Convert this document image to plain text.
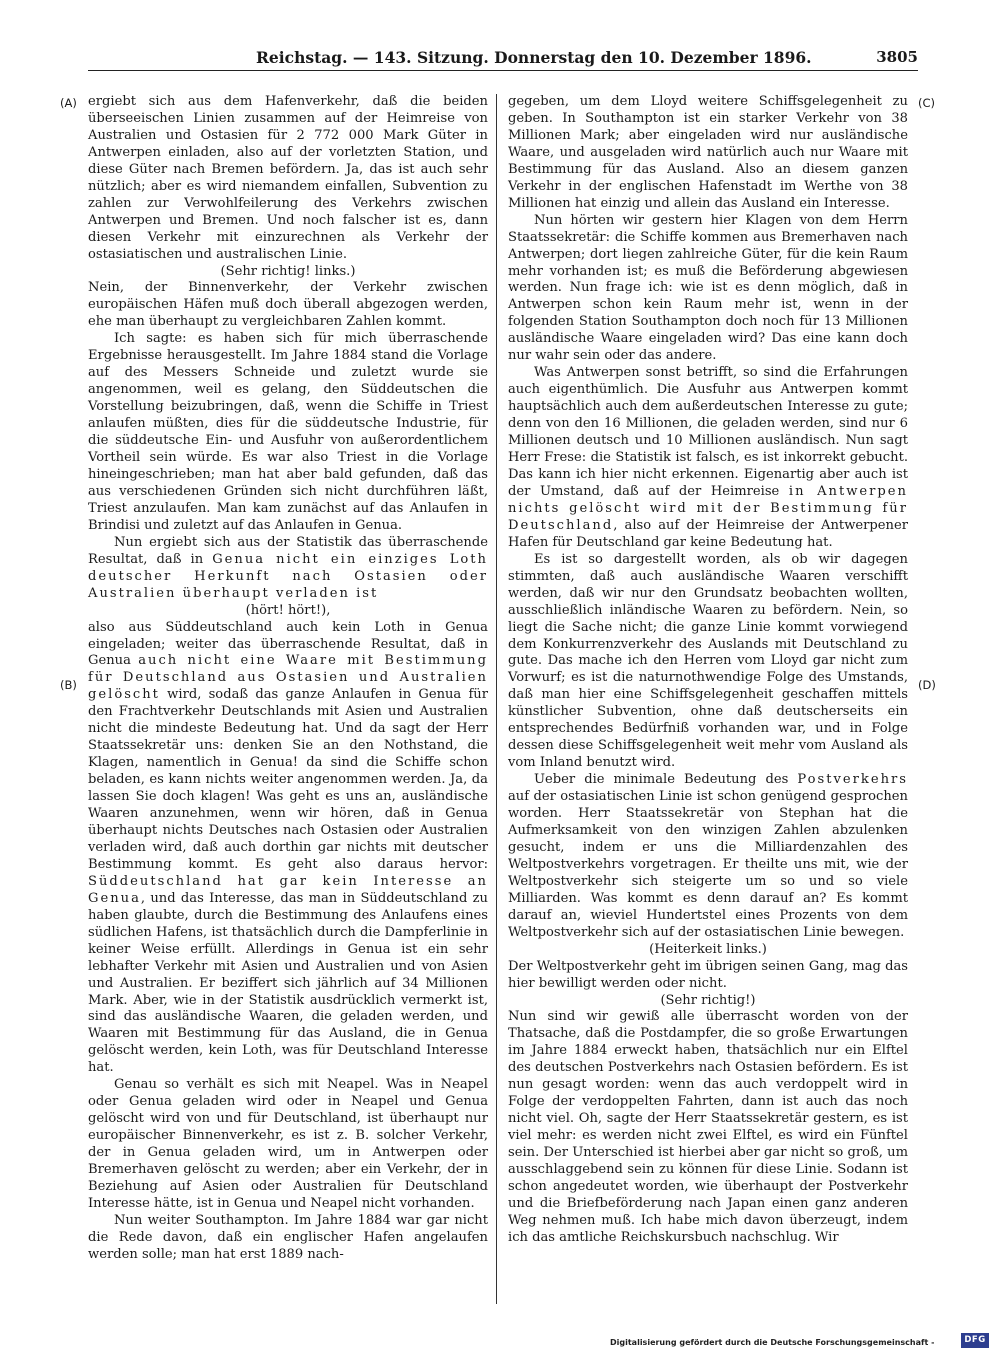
Reichstag. — 143. Sitzung. Donnerstag den 10. Dezember 1896.	3805
(A)
(B)
(C)
(D)

ergiebt sich aus dem Hafenverkehr, daß die beiden überseeischen Linien zusammen auf der Heimreise von Australien und Ostasien für 2 772 000 Mark Güter in Antwerpen einladen, also auf der vorletzten Station, und diese Güter nach Bremen befördern. Ja, das ist auch sehr nützlich; aber es wird niemandem einfallen, Subvention zu zahlen zur Verwohlfeilerung des Verkehrs zwischen Antwerpen und Bremen. Und noch falscher ist es, dann diesen Verkehr mit einzurechnen als Verkehr der ostasiatischen und australischen Linie.

(Sehr richtig! links.)

Nein, der Binnenverkehr, der Verkehr zwischen europäischen Häfen muß doch überall abgezogen werden, ehe man überhaupt zu vergleichbaren Zahlen kommt.

Ich sagte: es haben sich für mich überraschende Ergebnisse herausgestellt. Im Jahre 1884 stand die Vorlage auf des Messers Schneide und zuletzt wurde sie angenommen, weil es gelang, den Süddeutschen die Vorstellung beizubringen, daß, wenn die Schiffe in Triest anlaufen müßten, dies für die süddeutsche Industrie, für die süddeutsche Ein- und Ausfuhr von außerordentlichem Vortheil sein würde. Es war also Triest in die Vorlage hineingeschrieben; man hat aber bald gefunden, daß das aus verschiedenen Gründen sich nicht durchführen läßt, Triest anzulaufen. Man kam zunächst auf das Anlaufen in Brindisi und zuletzt auf das Anlaufen in Genua.

Nun ergiebt sich aus der Statistik das überraschende Resultat, daß in Genua nicht ein einziges Loth deutscher Herkunft nach Ostasien oder Australien überhaupt verladen ist

(hört! hört!),

also aus Süddeutschland auch kein Loth in Genua eingeladen; weiter das überraschende Resultat, daß in Genua auch nicht eine Waare mit Bestimmung für Deutschland aus Ostasien und Australien gelöscht wird, sodaß das ganze Anlaufen in Genua für den Frachtverkehr Deutschlands mit Asien und Australien nicht die mindeste Bedeutung hat. Und da sagt der Herr Staatssekretär uns: denken Sie an den Nothstand, die Klagen, namentlich in Genua! da sind die Schiffe schon beladen, es kann nichts weiter angenommen werden. Ja, da lassen Sie doch klagen! Was geht es uns an, ausländische Waaren anzunehmen, wenn wir hören, daß in Genua überhaupt nichts Deutsches nach Ostasien oder Australien verladen wird, daß auch dorthin gar nichts mit deutscher Bestimmung kommt. Es geht also daraus hervor: Süddeutschland hat gar kein Interesse an Genua, und das Interesse, das man in Süddeutschland zu haben glaubte, durch die Bestimmung des Anlaufens eines südlichen Hafens, ist thatsächlich durch die Dampferlinie in keiner Weise erfüllt. Allerdings in Genua ist ein sehr lebhafter Verkehr mit Asien und Australien und von Asien und Australien. Er beziffert sich jährlich auf 34 Millionen Mark. Aber, wie in der Statistik ausdrücklich vermerkt ist, sind das ausländische Waaren, die geladen werden, und Waaren mit Bestimmung für das Ausland, die in Genua gelöscht werden, kein Loth, was für Deutschland Interesse hat.

Genau so verhält es sich mit Neapel. Was in Neapel oder Genua geladen wird oder in Neapel und Genua gelöscht wird von und für Deutschland, ist überhaupt nur europäischer Binnenverkehr, es ist z. B. solcher Verkehr, der in Genua geladen wird, um in Antwerpen oder Bremerhaven gelöscht zu werden; aber ein Verkehr, der in Beziehung auf Asien oder Australien für Deutschland Interesse hätte, ist in Genua und Neapel nicht vorhanden.

Nun weiter Southampton. Im Jahre 1884 war gar nicht die Rede davon, daß ein englischer Hafen angelaufen werden solle; man hat erst 1889 nach-

gegeben, um dem Lloyd weitere Schiffsgelegenheit zu geben. In Southampton ist ein starker Verkehr von 38 Millionen Mark; aber eingeladen wird nur ausländische Waare, und ausgeladen wird natürlich auch nur Waare mit Bestimmung für das Ausland. Also an diesem ganzen Verkehr in der englischen Hafenstadt im Werthe von 38 Millionen hat einzig und allein das Ausland ein Interesse.

Nun hörten wir gestern hier Klagen von dem Herrn Staatssekretär: die Schiffe kommen aus Bremerhaven nach Antwerpen; dort liegen zahlreiche Güter, für die kein Raum mehr vorhanden ist; es muß die Beförderung abgewiesen werden. Nun frage ich: wie ist es denn möglich, daß in Antwerpen schon kein Raum mehr ist, wenn in der folgenden Station Southampton doch noch für 13 Millionen ausländische Waare eingeladen wird? Das eine kann doch nur wahr sein oder das andere.

Was Antwerpen sonst betrifft, so sind die Erfahrungen auch eigenthümlich. Die Ausfuhr aus Antwerpen kommt hauptsächlich auch dem außerdeutschen Interesse zu gute; denn von den 16 Millionen, die geladen werden, sind nur 6 Millionen deutsch und 10 Millionen ausländisch. Nun sagt Herr Frese: die Statistik ist falsch, es ist inkorrekt gebucht. Das kann ich hier nicht erkennen. Eigenartig aber auch ist der Umstand, daß auf der Heimreise in Antwerpen nichts gelöscht wird mit der Bestimmung für Deutschland, also auf der Heimreise der Antwerpener Hafen für Deutschland gar keine Bedeutung hat.

Es ist so dargestellt worden, als ob wir dagegen stimmten, daß auch ausländische Waaren verschifft werden, daß wir nur den Grundsatz beobachten wollten, ausschließlich inländische Waaren zu befördern. Nein, so liegt die Sache nicht; die ganze Linie kommt vorwiegend dem Konkurrenzverkehr des Auslands mit Deutschland zu gute. Das mache ich den Herren vom Lloyd gar nicht zum Vorwurf; es ist die naturnothwendige Folge des Umstands, daß man hier eine Schiffsgelegenheit geschaffen mittels künstlicher Subvention, ohne daß deutscherseits ein entsprechendes Bedürfniß vorhanden war, und in Folge dessen diese Schiffsgelegenheit weit mehr vom Ausland als vom Inland benutzt wird.

Ueber die minimale Bedeutung des Postverkehrs auf der ostasiatischen Linie ist schon genügend gesprochen worden. Herr Staatssekretär von Stephan hat die Aufmerksamkeit von den winzigen Zahlen abzulenken gesucht, indem er uns die Milliardenzahlen des Weltpostverkehrs vorgetragen. Er theilte uns mit, wie der Weltpostverkehr sich steigerte um so und so viele Milliarden. Was kommt es denn darauf an? Es kommt darauf an, wieviel Hundertstel eines Prozents von dem Weltpostverkehr sich auf der ostasiatischen Linie bewegen.

(Heiterkeit links.)

Der Weltpostverkehr geht im übrigen seinen Gang, mag das hier bewilligt werden oder nicht.

(Sehr richtig!)

Nun sind wir gewiß alle überrascht worden von der Thatsache, daß die Postdampfer, die so große Erwartungen im Jahre 1884 erweckt haben, thatsächlich nur ein Elftel des deutschen Postverkehrs nach Ostasien befördern. Es ist nun gesagt worden: wenn das auch verdoppelt wird in Folge der verdoppelten Fahrten, dann ist auch das noch nicht viel. Oh, sagte der Herr Staatssekretär gestern, es ist viel mehr: es werden nicht zwei Elftel, es wird ein Fünftel sein. Der Unterschied ist hierbei aber gar nicht so groß, um ausschlaggebend sein zu können für diese Linie. Sodann ist schon angedeutet worden, wie überhaupt der Postverkehr und die Briefbeförderung nach Japan einen ganz anderen Weg nehmen muß. Ich habe mich davon überzeugt, indem ich das amtliche Reichskursbuch nachschlug. Wir

Digitalisierung gefördert durch die Deutsche Forschungsgemeinschaft -	DFG
